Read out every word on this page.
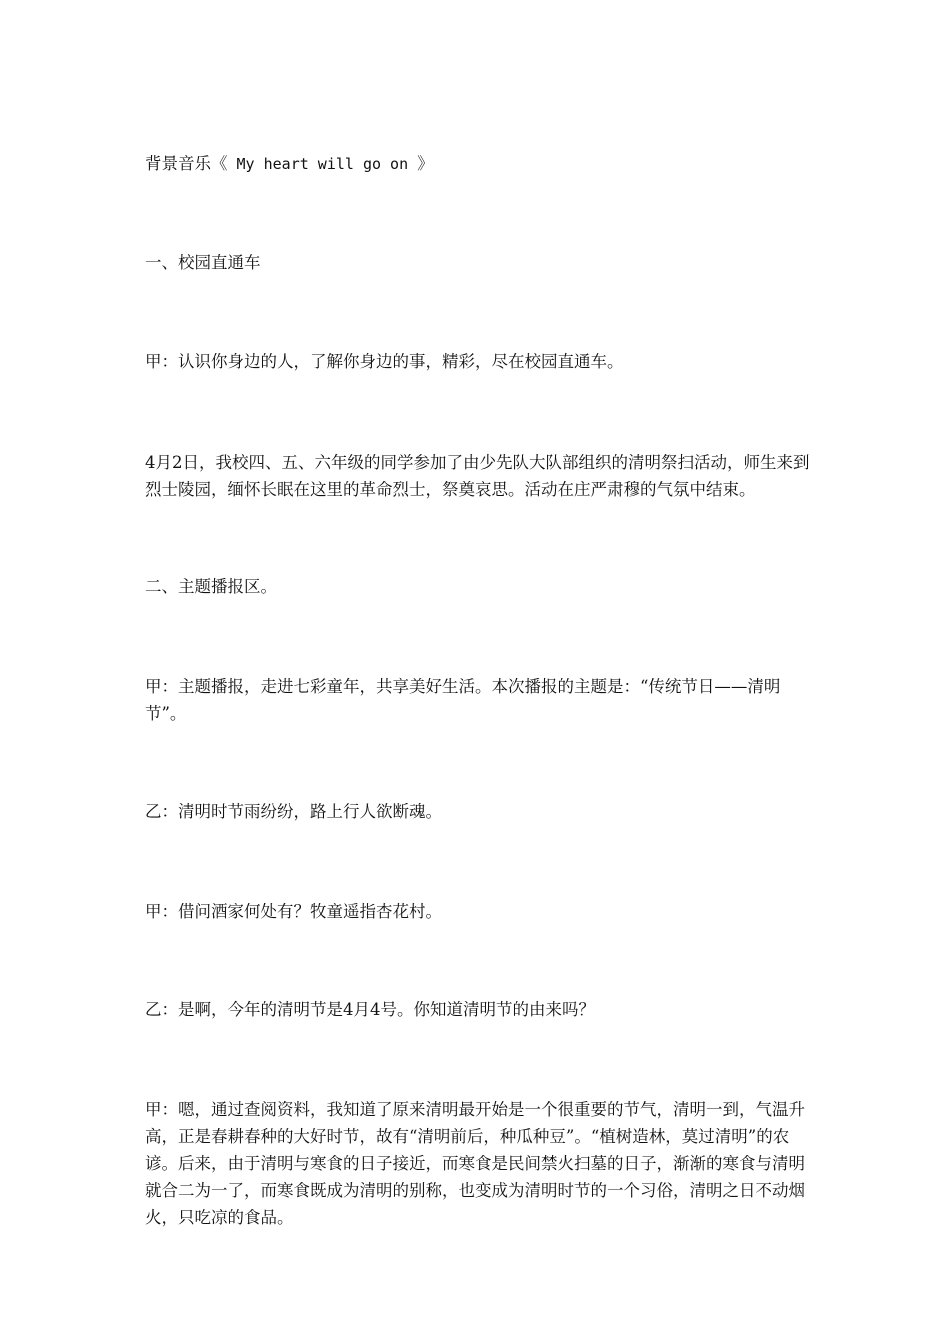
背景音乐《 My heart will go on 》

一、校园直通车

甲：认识你身边的人，了解你身边的事，精彩，尽在校园直通车。

4月2日，我校四、五、六年级的同学参加了由少先队大队部组织的清明祭扫活动，师生来到烈士陵园，缅怀长眠在这里的革命烈士，祭奠哀思。活动在庄严肃穆的气氛中结束。

二、主题播报区。

甲：主题播报，走进七彩童年，共享美好生活。本次播报的主题是：“传统节日——清明节”。

乙：清明时节雨纷纷，路上行人欲断魂。

甲：借问酒家何处有？牧童遥指杏花村。

乙：是啊，今年的清明节是4月4号。你知道清明节的由来吗？

甲：嗯，通过查阅资料，我知道了原来清明最开始是一个很重要的节气，清明一到，气温升高，正是春耕春种的大好时节，故有“清明前后，种瓜种豆”。“植树造林，莫过清明”的农谚。后来，由于清明与寒食的日子接近，而寒食是民间禁火扫墓的日子，渐渐的寒食与清明就合二为一了，而寒食既成为清明的别称，也变成为清明时节的一个习俗，清明之日不动烟火，只吃凉的食品。
